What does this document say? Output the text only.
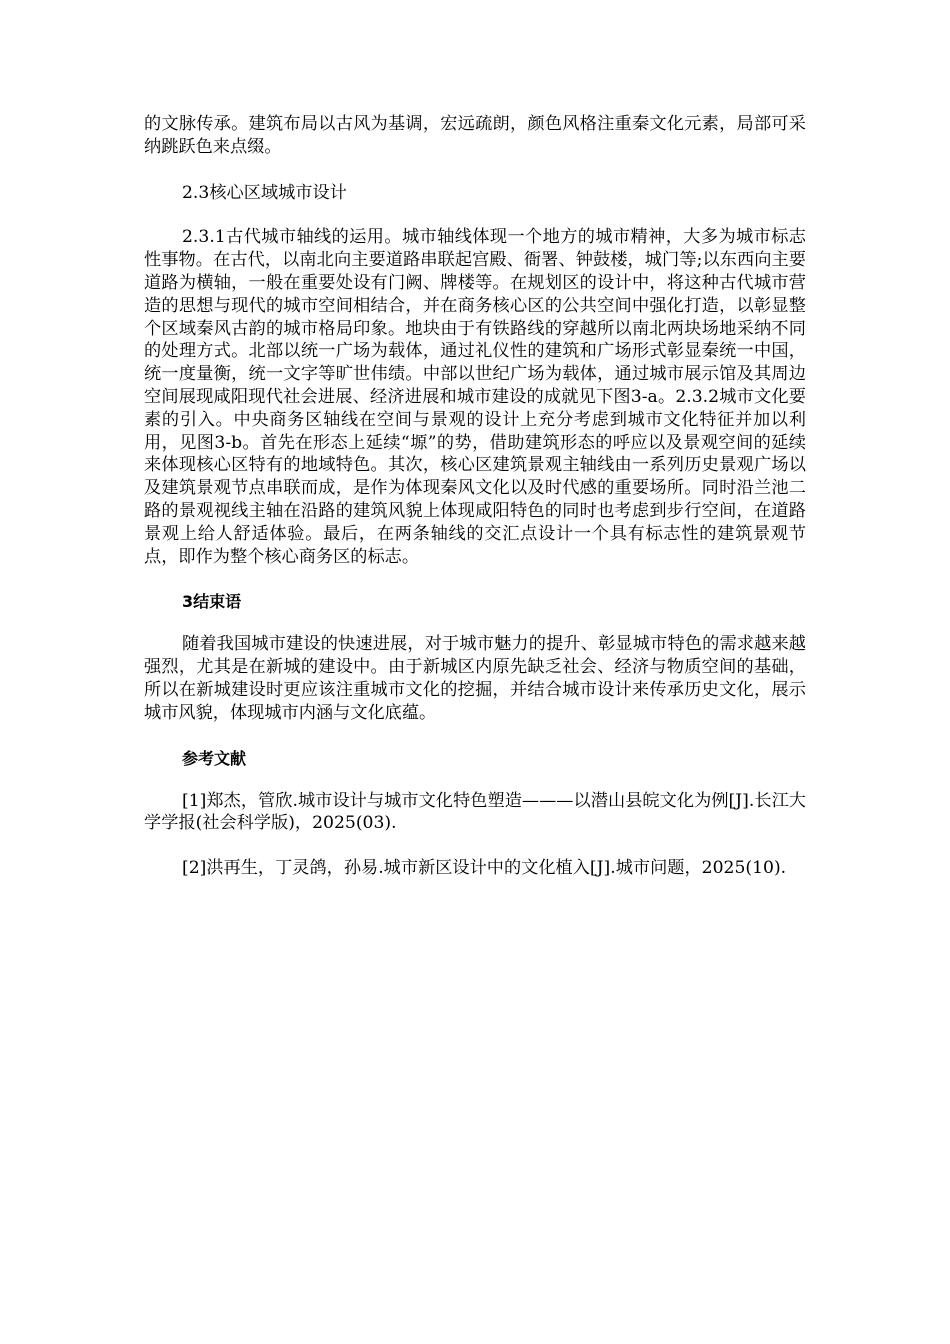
的文脉传承。建筑布局以古风为基调，宏远疏朗，颜色风格注重秦文化元素，局部可采纳跳跃色来点缀。

2.3核心区域城市设计

2.3.1古代城市轴线的运用。城市轴线体现一个地方的城市精神，大多为城市标志性事物。在古代，以南北向主要道路串联起宫殿、衙署、钟鼓楼，城门等;以东西向主要道路为横轴，一般在重要处设有门阙、牌楼等。在规划区的设计中，将这种古代城市营造的思想与现代的城市空间相结合，并在商务核心区的公共空间中强化打造，以彰显整个区域秦风古韵的城市格局印象。地块由于有铁路线的穿越所以南北两块场地采纳不同的处理方式。北部以统一广场为载体，通过礼仪性的建筑和广场形式彰显秦统一中国，统一度量衡，统一文字等旷世伟绩。中部以世纪广场为载体，通过城市展示馆及其周边空间展现咸阳现代社会进展、经济进展和城市建设的成就见下图3-a。2.3.2城市文化要素的引入。中央商务区轴线在空间与景观的设计上充分考虑到城市文化特征并加以利用，见图3-b。首先在形态上延续“塬”的势，借助建筑形态的呼应以及景观空间的延续来体现核心区特有的地域特色。其次，核心区建筑景观主轴线由一系列历史景观广场以及建筑景观节点串联而成，是作为体现秦风文化以及时代感的重要场所。同时沿兰池二路的景观视线主轴在沿路的建筑风貌上体现咸阳特色的同时也考虑到步行空间，在道路景观上给人舒适体验。最后，在两条轴线的交汇点设计一个具有标志性的建筑景观节点，即作为整个核心商务区的标志。

3结束语

随着我国城市建设的快速进展，对于城市魅力的提升、彰显城市特色的需求越来越强烈，尤其是在新城的建设中。由于新城区内原先缺乏社会、经济与物质空间的基础，所以在新城建设时更应该注重城市文化的挖掘，并结合城市设计来传承历史文化，展示城市风貌，体现城市内涵与文化底蕴。

参考文献

[1]郑杰，管欣.城市设计与城市文化特色塑造———以潜山县皖文化为例[J].长江大学学报(社会科学版)，2025(03).

[2]洪再生，丁灵鸽，孙易.城市新区设计中的文化植入[J].城市问题，2025(10).
